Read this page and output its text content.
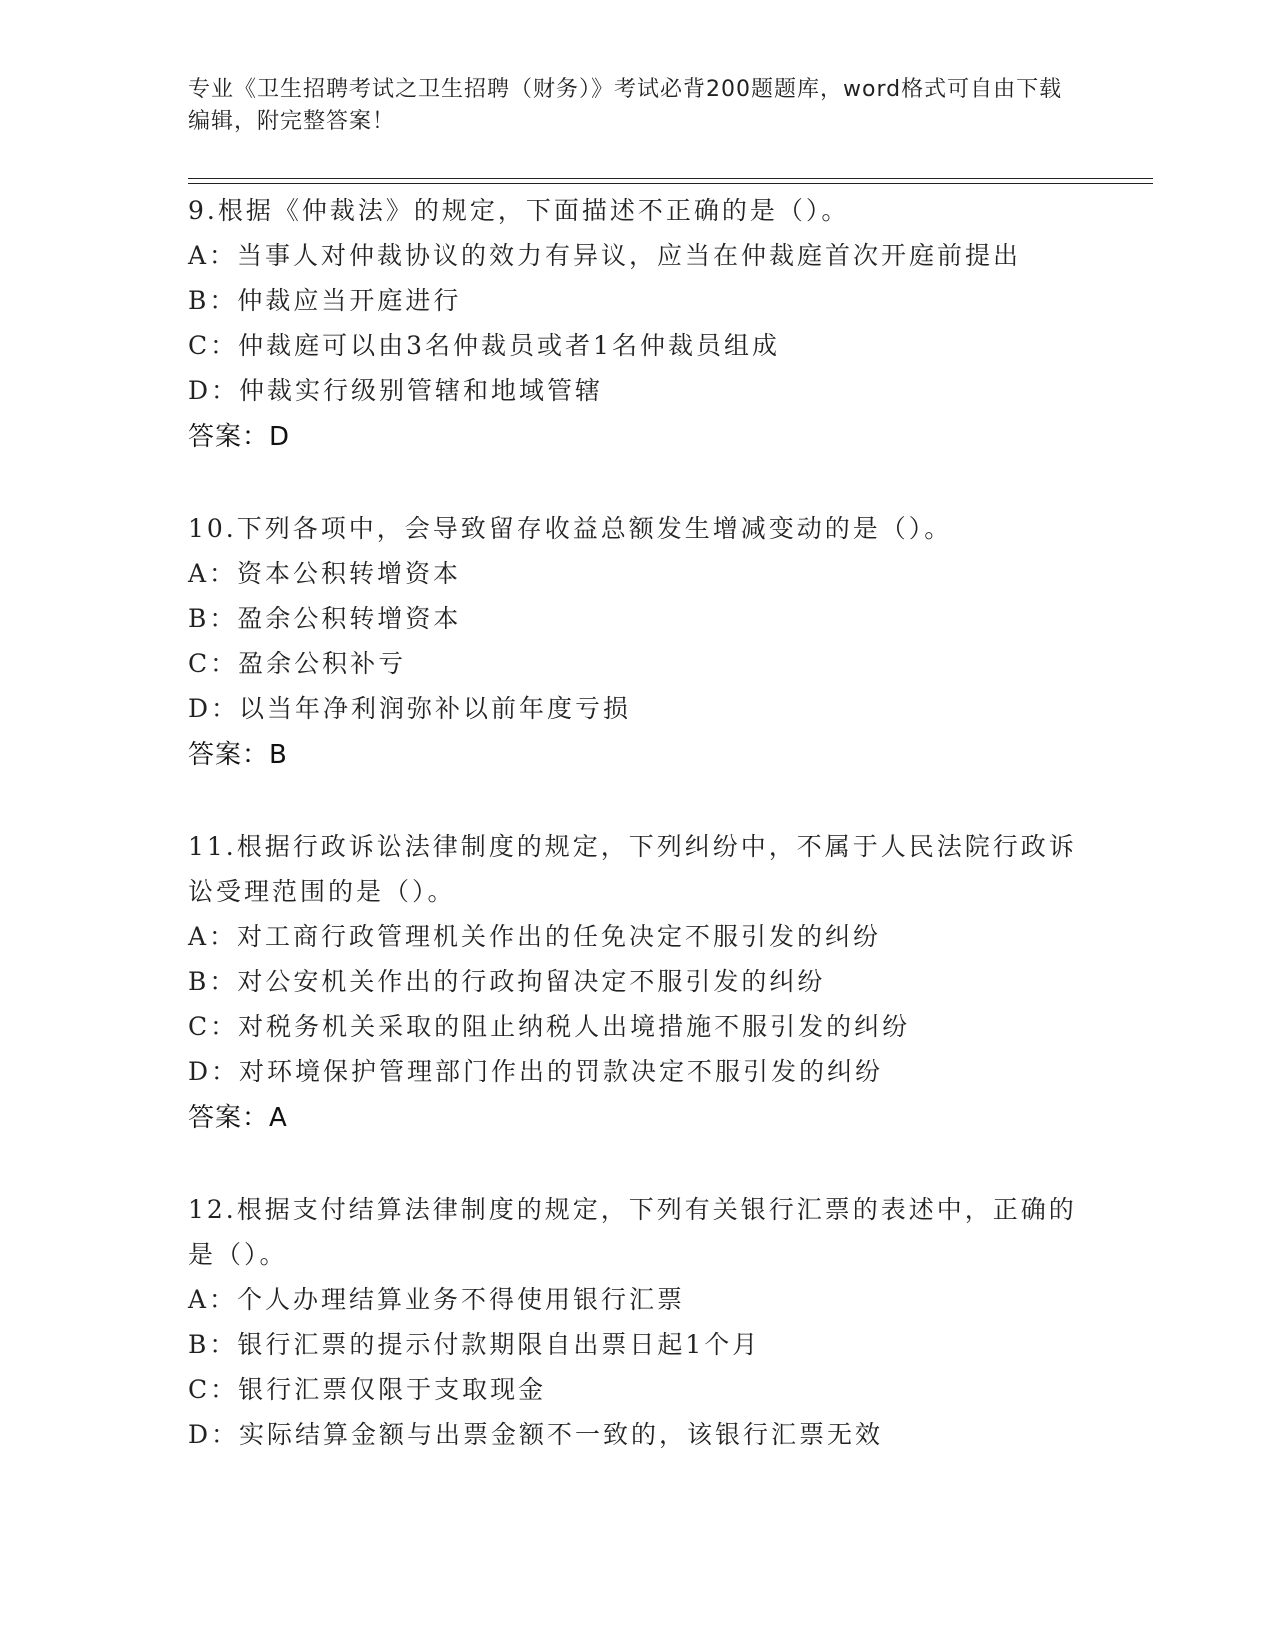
专业《卫生招聘考试之卫生招聘（财务）》考试必背200题题库，word格式可自由下载编辑，附完整答案！

9.根据《仲裁法》的规定，下面描述不正确的是（）。

A：当事人对仲裁协议的效力有异议，应当在仲裁庭首次开庭前提出
B：仲裁应当开庭进行
C：仲裁庭可以由3名仲裁员或者1名仲裁员组成
D：仲裁实行级别管辖和地域管辖
答案：D

10.下列各项中，会导致留存收益总额发生增减变动的是（）。

A：资本公积转增资本
B：盈余公积转增资本
C：盈余公积补亏
D：以当年净利润弥补以前年度亏损
答案：B

11.根据行政诉讼法律制度的规定，下列纠纷中，不属于人民法院行政诉讼受理范围的是（）。

A：对工商行政管理机关作出的任免决定不服引发的纠纷
B：对公安机关作出的行政拘留决定不服引发的纠纷
C：对税务机关采取的阻止纳税人出境措施不服引发的纠纷
D：对环境保护管理部门作出的罚款决定不服引发的纠纷
答案：A

12.根据支付结算法律制度的规定，下列有关银行汇票的表述中，正确的是（）。

A：个人办理结算业务不得使用银行汇票
B：银行汇票的提示付款期限自出票日起1个月
C：银行汇票仅限于支取现金
D：实际结算金额与出票金额不一致的，该银行汇票无效
